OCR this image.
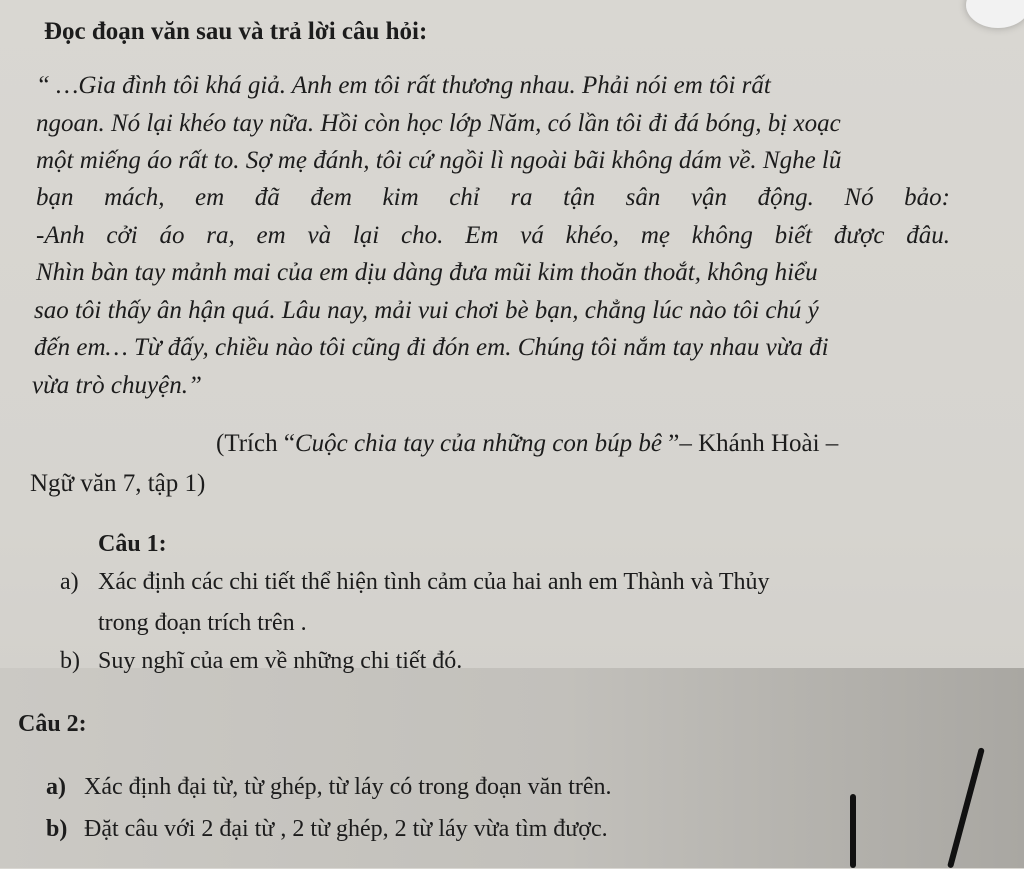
Đọc đoạn văn sau và trả lời câu hỏi:
“ …Gia đình tôi khá giả. Anh em tôi rất thương nhau. Phải nói em tôi rất
ngoan. Nó lại khéo tay nữa. Hồi còn học lớp Năm, có lần tôi đi đá bóng, bị xoạc
một miếng áo rất to. Sợ mẹ đánh, tôi cứ ngồi lì ngoài bãi không dám về. Nghe lũ
bạn mách, em đã đem kim chỉ ra tận sân vận động. Nó bảo:
-Anh cởi áo ra, em và lại cho. Em vá khéo, mẹ không biết được đâu.
Nhìn bàn tay mảnh mai của em dịu dàng đưa mũi kim thoăn thoắt, không hiểu
sao tôi thấy ân hận quá. Lâu nay, mải vui chơi bè bạn, chẳng lúc nào tôi chú ý
đến em… Từ đấy, chiều nào tôi cũng đi đón em. Chúng tôi nắm tay nhau vừa đi
vừa trò chuyện.”
(Trích “Cuộc chia tay của những con búp bê ”– Khánh Hoài –
Ngữ văn 7, tập 1)
Câu 1:
a) Xác định các chi tiết thể hiện tình cảm của hai anh em Thành và Thủy
trong đoạn trích trên .
b) Suy nghĩ của em về những chi tiết đó.
Câu 2:
a) Xác định đại từ, từ ghép, từ láy có trong đoạn văn trên.
b) Đặt câu với 2 đại từ , 2 từ ghép, 2 từ láy vừa tìm được.
